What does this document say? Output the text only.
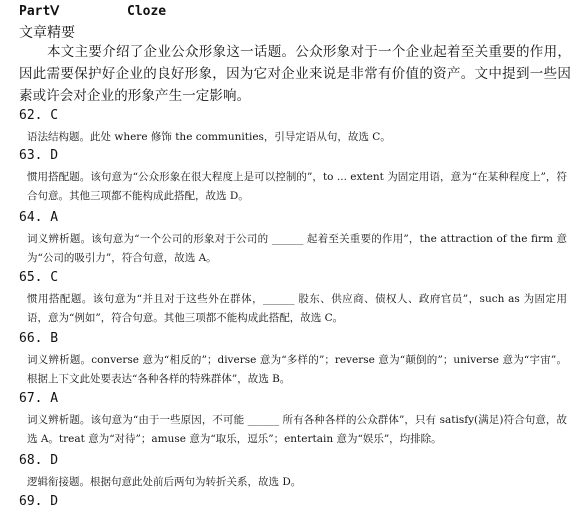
PartⅤ	Cloze
文章精要
本文主要介绍了企业公众形象这一话题。公众形象对于一个企业起着至关重要的作用，因此需要保护好企业的良好形象，因为它对企业来说是非常有价值的资产。文中提到一些因素或许会对企业的形象产生一定影响。
62. C
语法结构题。此处 where 修饰 the communities，引导定语从句，故选 C。
63. D
惯用搭配题。该句意为“公众形象在很大程度上是可以控制的”，to ... extent 为固定用语，意为“在某种程度上”，符合句意。其他三项都不能构成此搭配，故选 D。
64. A
词义辨析题。该句意为“一个公司的形象对于公司的 ______ 起着至关重要的作用”，the attraction of the firm 意为“公司的吸引力”，符合句意，故选 A。
65. C
惯用搭配题。该句意为“并且对于这些外在群体，______ 股东、供应商、债权人、政府官员”，such as 为固定用语，意为“例如”，符合句意。其他三项都不能构成此搭配，故选 C。
66. B
词义辨析题。converse 意为“相反的”；diverse 意为“多样的”；reverse 意为“颠倒的”；universe 意为“宇宙”。根据上下文此处要表达“各种各样的特殊群体”，故选 B。
67. A
词义辨析题。该句意为“由于一些原因，不可能 ______ 所有各种各样的公众群体”，只有 satisfy(满足)符合句意，故选 A。treat 意为“对待”；amuse 意为“取乐，逗乐”；entertain 意为“娱乐”，均排除。
68. D
逻辑衔接题。根据句意此处前后两句为转折关系，故选 D。
69. D
